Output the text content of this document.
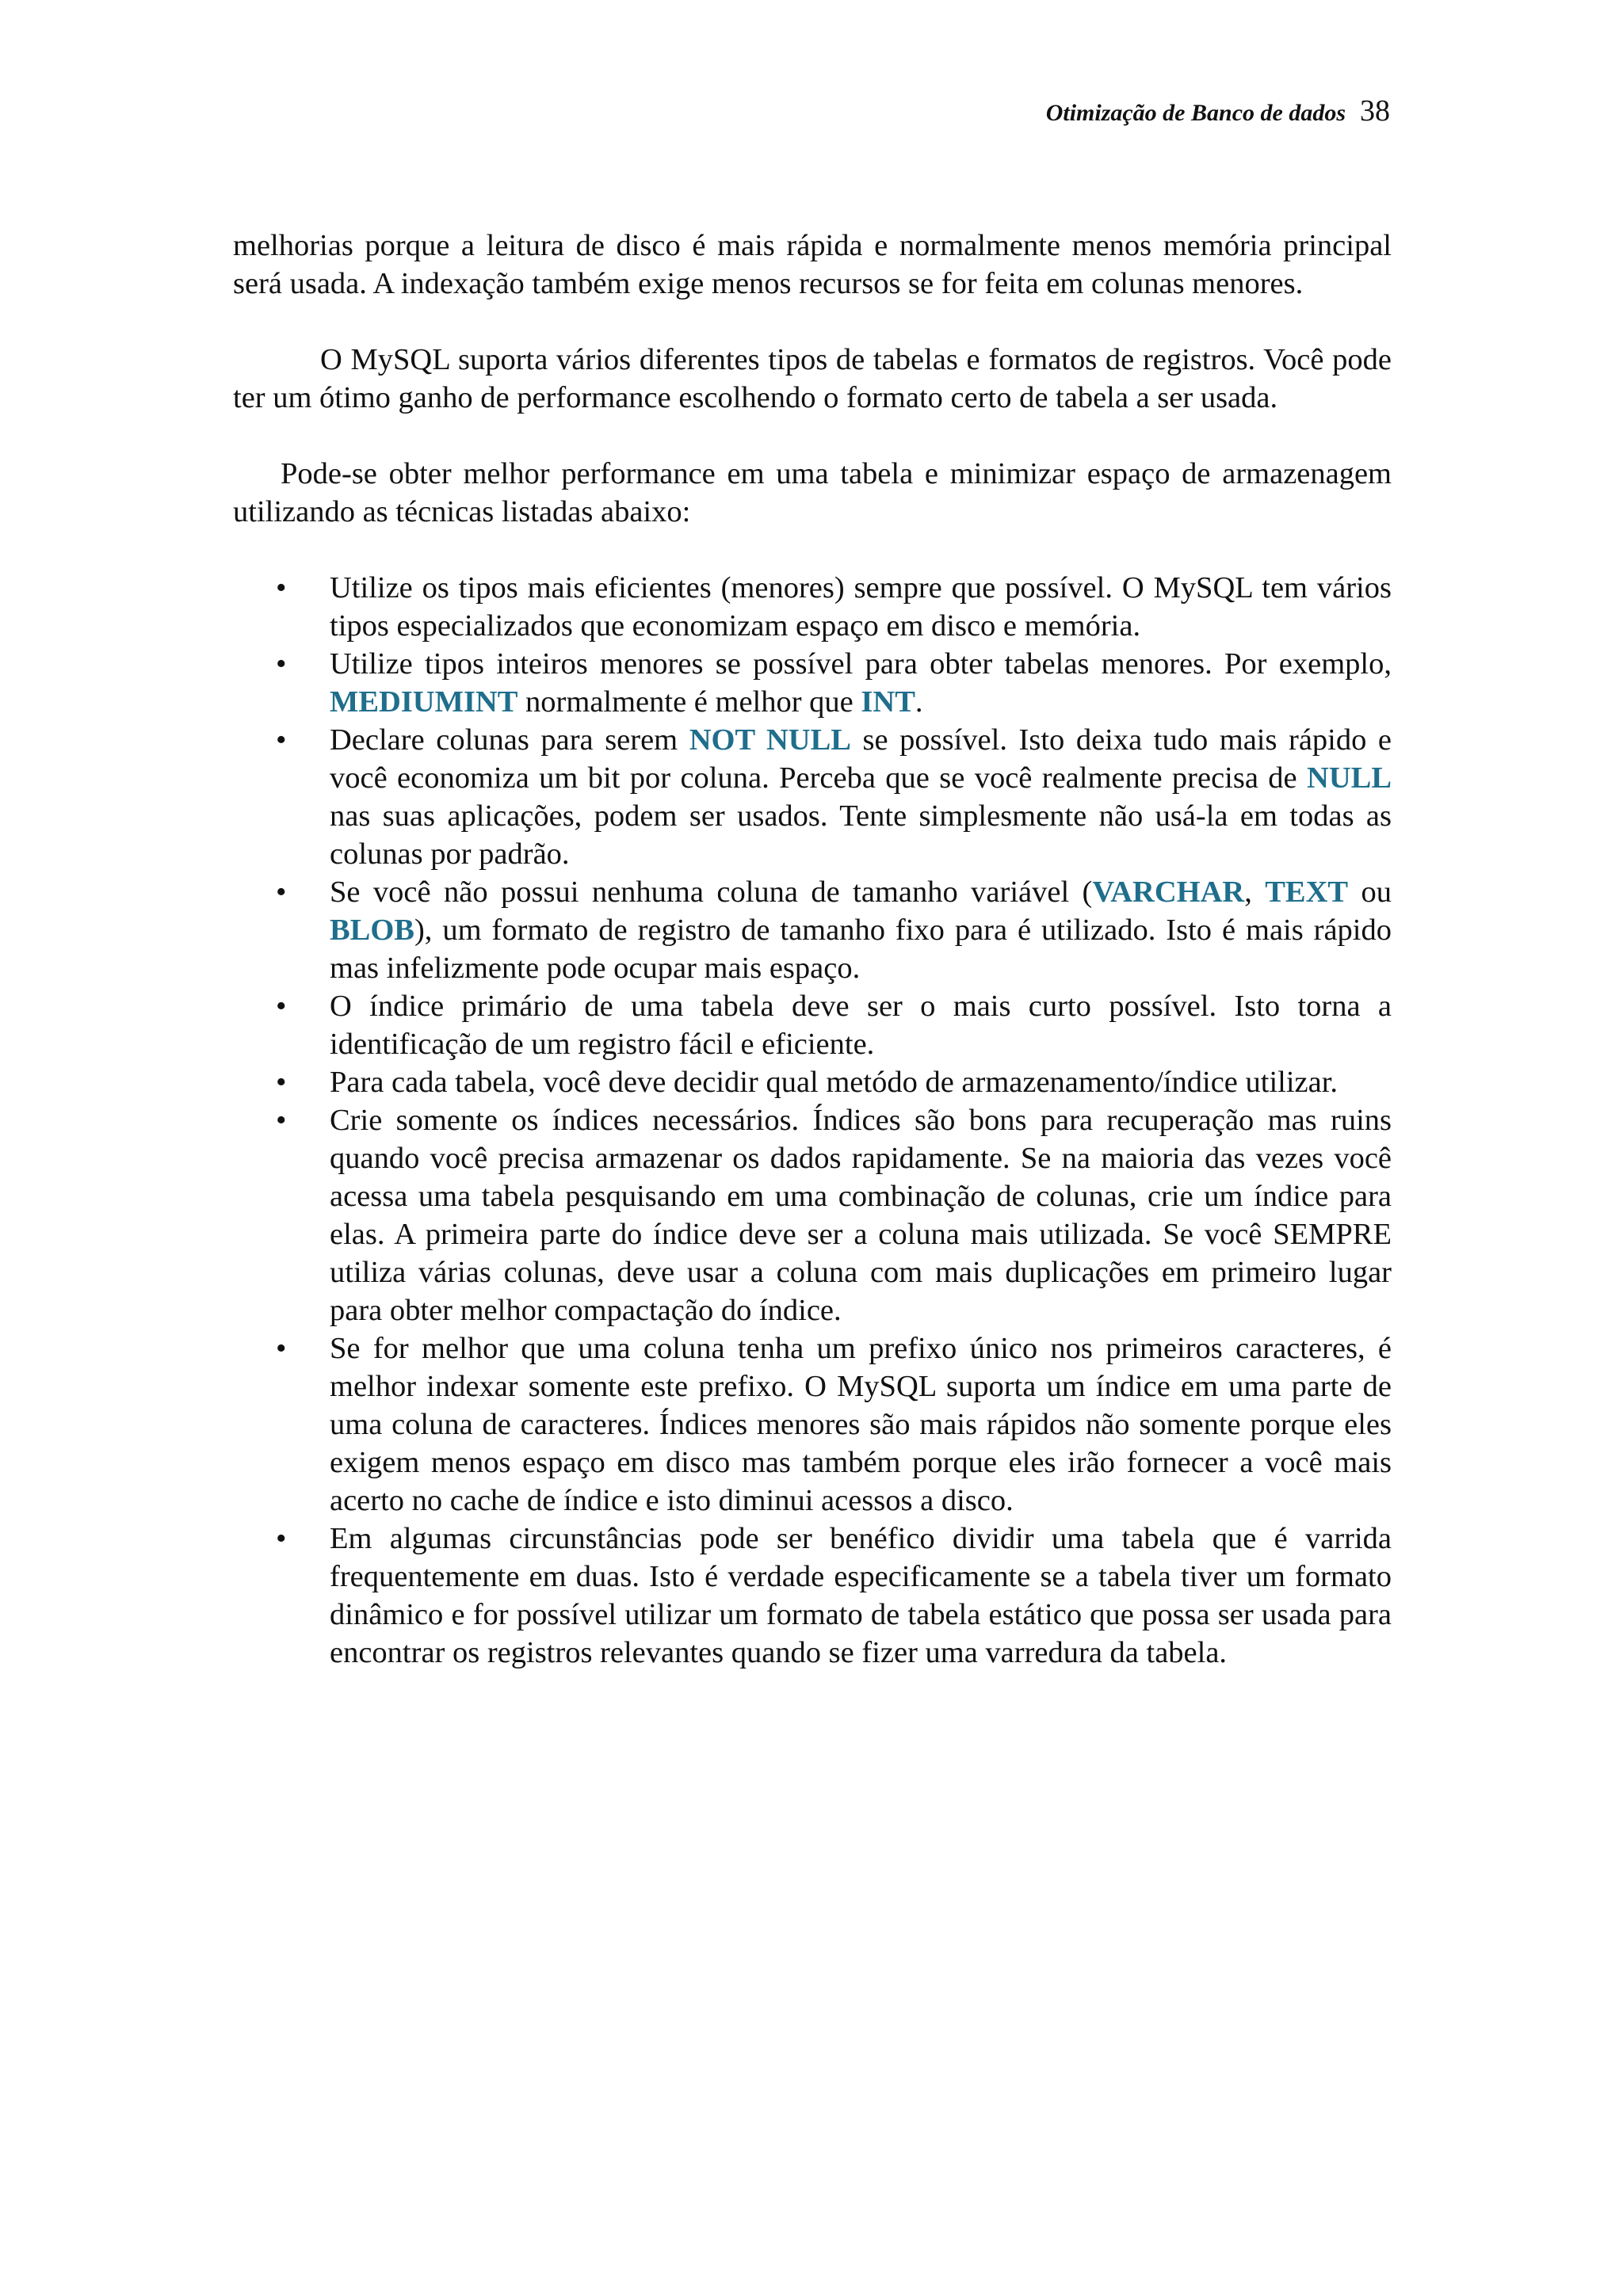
Otimização de Banco de dados 38

melhorias porque a leitura de disco é mais rápida e normalmente menos memória principal será usada. A indexação também exige menos recursos se for feita em colunas menores.

O MySQL suporta vários diferentes tipos de tabelas e formatos de registros. Você pode ter um ótimo ganho de performance escolhendo o formato certo de tabela a ser usada.

Pode-se obter melhor performance em uma tabela e minimizar espaço de armazenagem utilizando as técnicas listadas abaixo:

• Utilize os tipos mais eficientes (menores) sempre que possível. O MySQL tem vários tipos especializados que economizam espaço em disco e memória.
• Utilize tipos inteiros menores se possível para obter tabelas menores. Por exemplo, MEDIUMINT normalmente é melhor que INT.
• Declare colunas para serem NOT NULL se possível. Isto deixa tudo mais rápido e você economiza um bit por coluna. Perceba que se você realmente precisa de NULL nas suas aplicações, podem ser usados. Tente simplesmente não usá-la em todas as colunas por padrão.
• Se você não possui nenhuma coluna de tamanho variável (VARCHAR, TEXT ou BLOB), um formato de registro de tamanho fixo para é utilizado. Isto é mais rápido mas infelizmente pode ocupar mais espaço.
• O índice primário de uma tabela deve ser o mais curto possível. Isto torna a identificação de um registro fácil e eficiente.
• Para cada tabela, você deve decidir qual metódo de armazenamento/índice utilizar.
• Crie somente os índices necessários. Índices são bons para recuperação mas ruins quando você precisa armazenar os dados rapidamente. Se na maioria das vezes você acessa uma tabela pesquisando em uma combinação de colunas, crie um índice para elas. A primeira parte do índice deve ser a coluna mais utilizada. Se você SEMPRE utiliza várias colunas, deve usar a coluna com mais duplicações em primeiro lugar para obter melhor compactação do índice.
• Se for melhor que uma coluna tenha um prefixo único nos primeiros caracteres, é melhor indexar somente este prefixo. O MySQL suporta um índice em uma parte de uma coluna de caracteres. Índices menores são mais rápidos não somente porque eles exigem menos espaço em disco mas também porque eles irão fornecer a você mais acerto no cache de índice e isto diminui acessos a disco.
• Em algumas circunstâncias pode ser benéfico dividir uma tabela que é varrida frequentemente em duas. Isto é verdade especificamente se a tabela tiver um formato dinâmico e for possível utilizar um formato de tabela estático que possa ser usada para encontrar os registros relevantes quando se fizer uma varredura da tabela.
